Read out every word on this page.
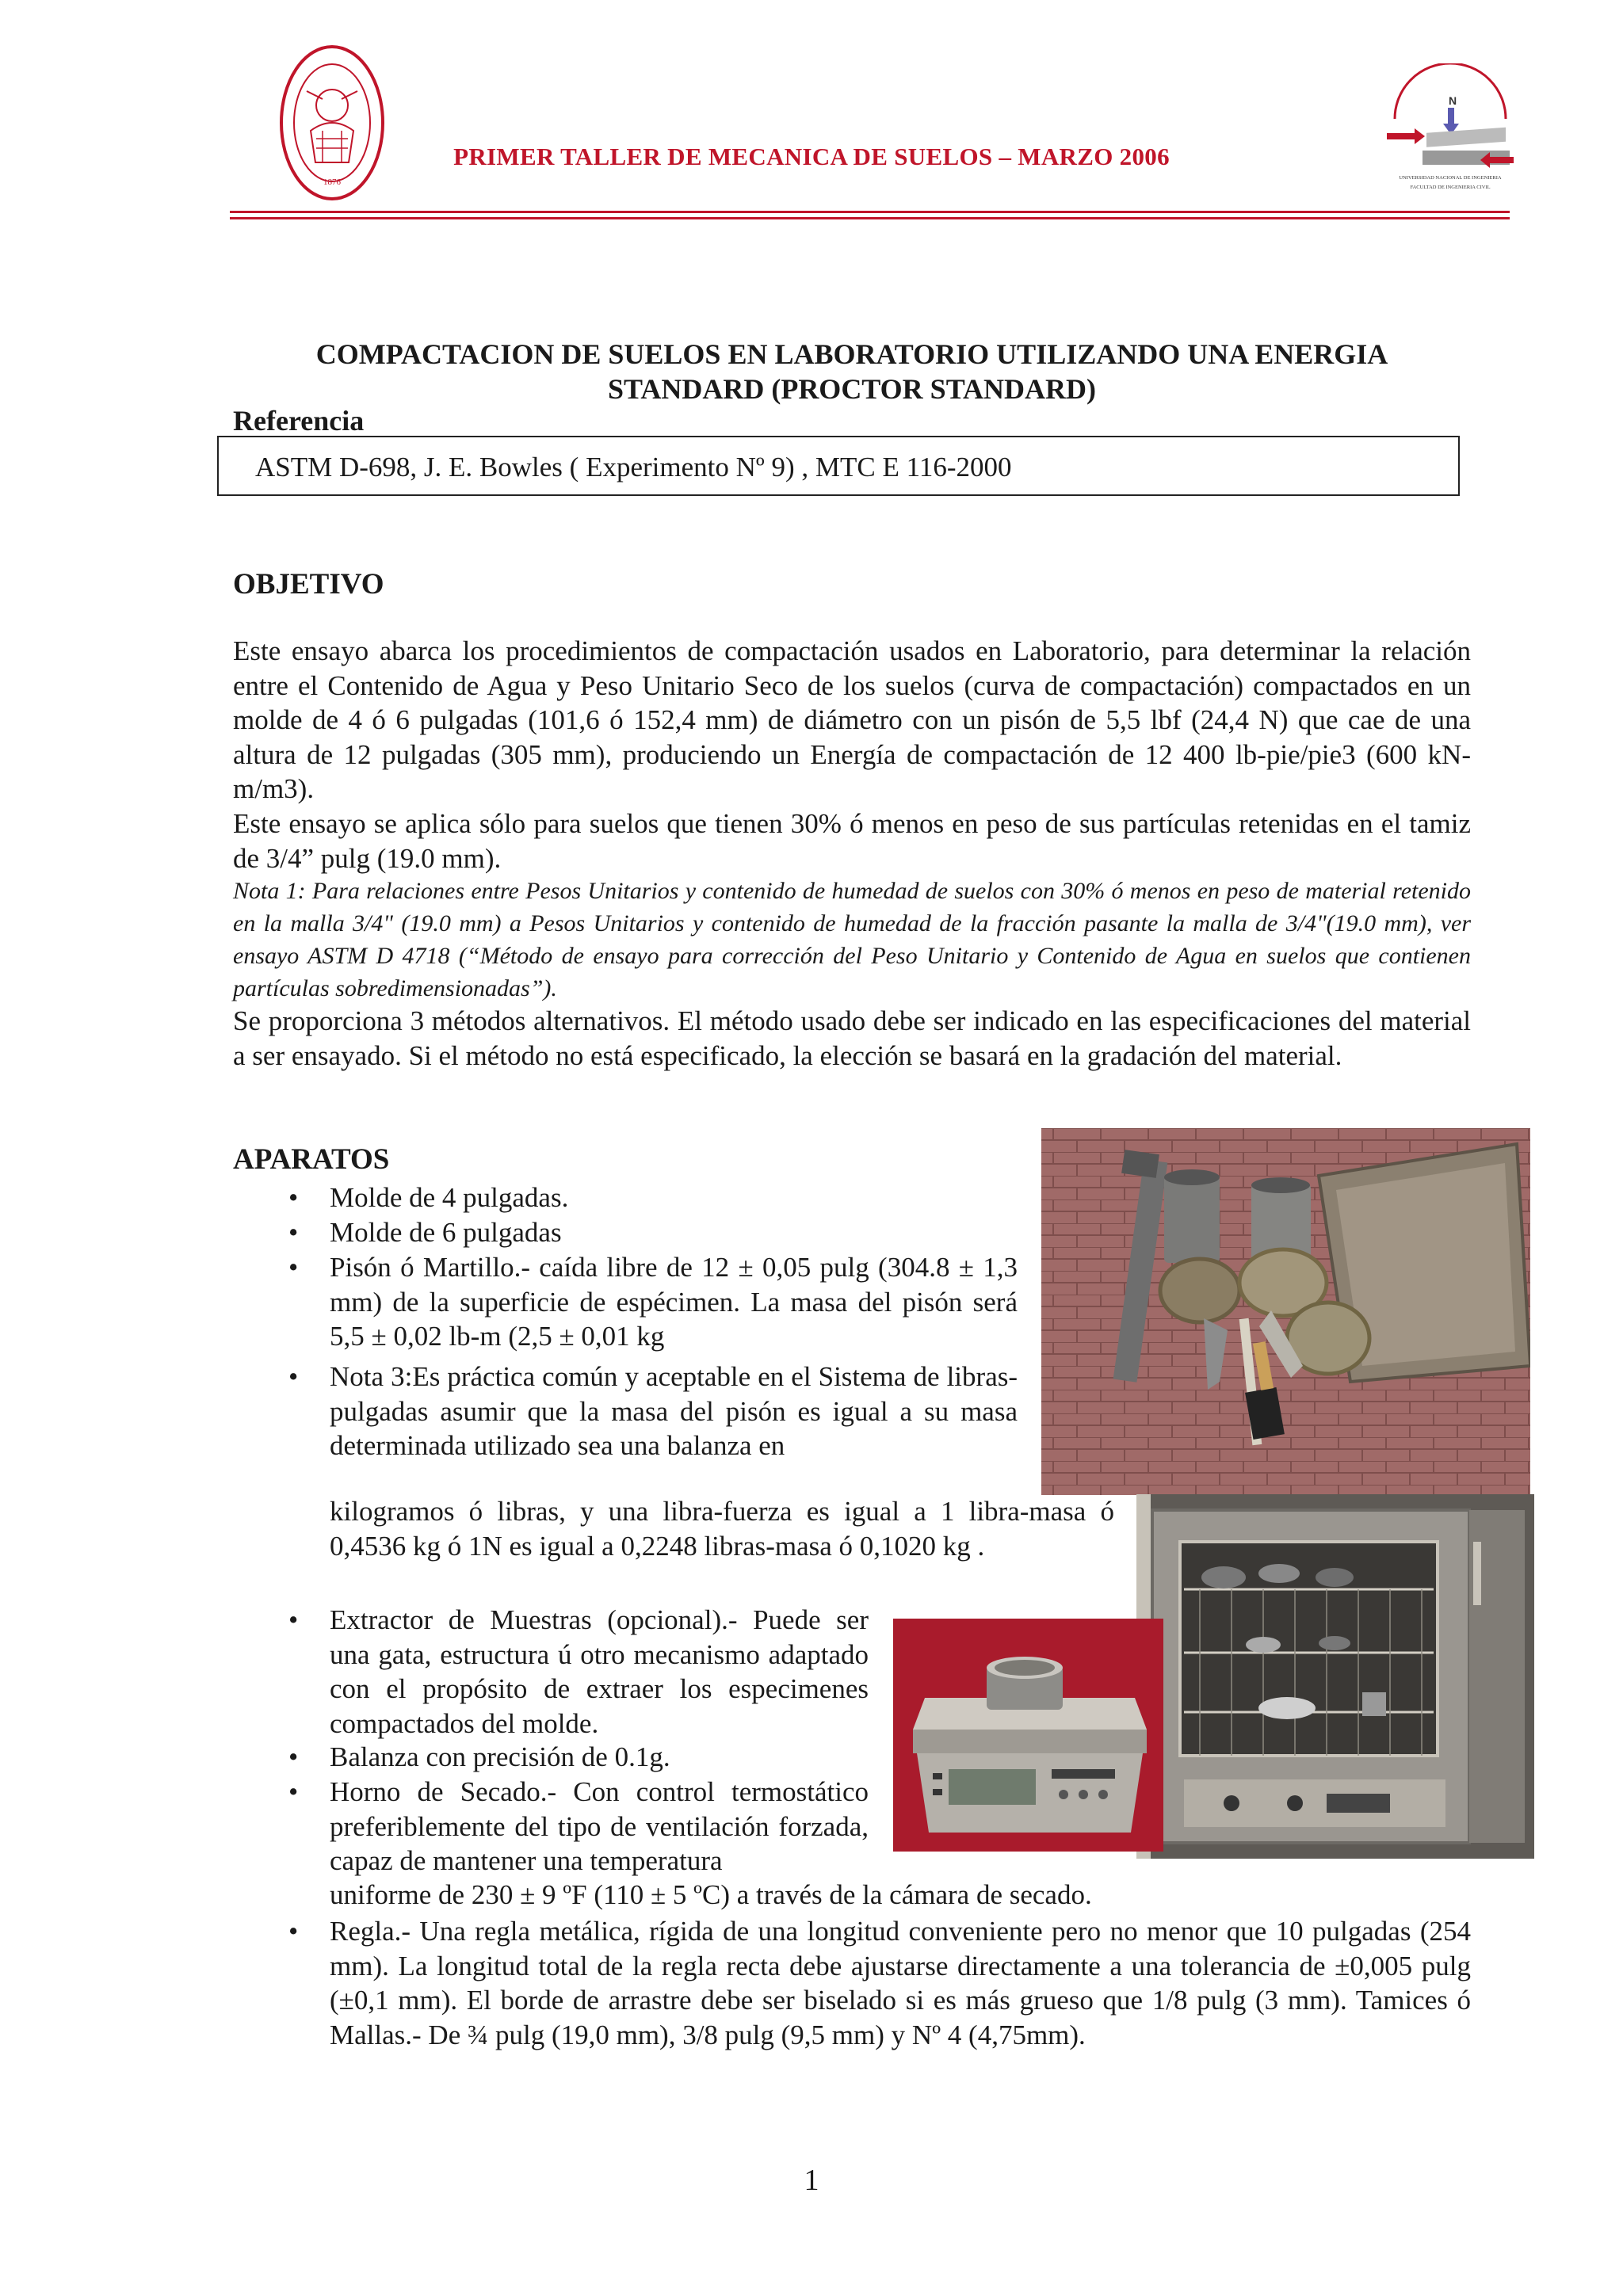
1876
PRIMER TALLER DE MECANICA DE SUELOS – MARZO 2006
N
UNIVERSIDAD NACIONAL DE INGENIERIA
FACULTAD DE INGENIERIA CIVIL
COMPACTACION DE SUELOS EN LABORATORIO UTILIZANDO UNA ENERGIA
STANDARD (PROCTOR STANDARD)
Referencia
ASTM D-698, J. E. Bowles ( Experimento Nº 9) , MTC E 116-2000
OBJETIVO
Este ensayo abarca los procedimientos de compactación usados en Laboratorio, para determinar la relación entre el Contenido de Agua y Peso Unitario Seco de los suelos (curva de compactación) compactados en un molde de 4 ó 6 pulgadas (101,6 ó 152,4 mm) de diámetro con un pisón de 5,5 lbf (24,4 N) que cae de una altura de 12 pulgadas (305 mm), produciendo un Energía de compactación de 12 400 lb-pie/pie3 (600 kN-m/m3).
Este ensayo se aplica sólo para suelos que tienen 30% ó menos en peso de sus partículas retenidas en el tamiz de 3/4” pulg (19.0 mm).
Nota 1: Para relaciones entre Pesos Unitarios y contenido de humedad de suelos con 30% ó menos en peso de material retenido en la malla 3/4" (19.0 mm) a Pesos Unitarios y contenido de humedad de la fracción pasante la malla de 3/4"(19.0 mm), ver ensayo ASTM D 4718 (“Método de ensayo para corrección del Peso Unitario y Contenido de Agua en suelos que contienen partículas sobredimensionadas”).
Se proporciona 3 métodos alternativos. El método usado debe ser indicado en las especificaciones del material a ser ensayado. Si el método no está especificado, la elección se basará en la gradación del material.
APARATOS
• Molde de 4 pulgadas.
• Molde de 6 pulgadas
• Pisón ó Martillo.- caída libre de 12 ± 0,05 pulg (304.8 ± 1,3 mm) de la superficie de espécimen. La masa del pisón será 5,5 ± 0,02 lb-m (2,5 ± 0,01 kg
• Nota 3:Es práctica común y aceptable en el Sistema de libras-pulgadas asumir que la masa del pisón es igual a su masa determinada utilizado sea una balanza en
kilogramos ó libras, y una libra-fuerza es igual a 1 libra-masa ó 0,4536 kg ó 1N es igual a 0,2248 libras-masa ó 0,1020 kg .
• Extractor de Muestras (opcional).- Puede ser una gata, estructura ú otro mecanismo adaptado con el propósito de extraer los especimenes compactados del molde.
• Balanza con precisión de 0.1g.
• Horno de Secado.- Con control termostático preferiblemente del tipo de ventilación forzada, capaz de mantener una temperatura
uniforme de 230 ± 9 ºF (110 ± 5 ºC) a través de la cámara de secado.
• Regla.- Una regla metálica, rígida de una longitud conveniente pero no menor que 10 pulgadas (254 mm). La longitud total de la regla recta debe ajustarse directamente a una tolerancia de ±0,005 pulg (±0,1 mm). El borde de arrastre debe ser biselado si es más grueso que 1/8 pulg (3 mm). Tamices ó Mallas.- De ¾ pulg (19,0 mm), 3/8 pulg (9,5 mm) y Nº 4 (4,75mm).
1
